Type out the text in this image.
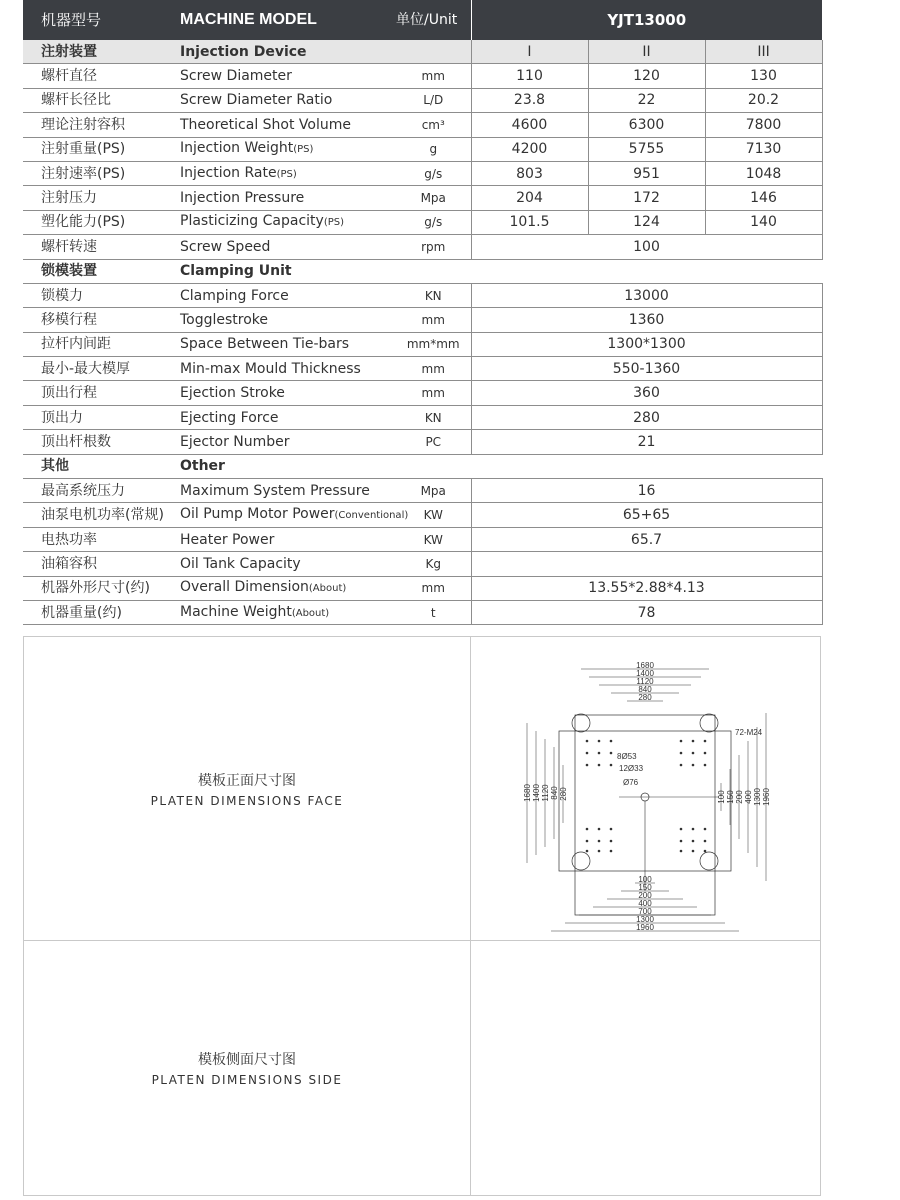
机器型号	MACHINE MODEL	单位/Unit	YJT13000		
注射装置	Injection Device		I	II	III
螺杆直径	Screw Diameter	mm	110	120	130
螺杆长径比	Screw Diameter Ratio	L/D	23.8	22	20.2
理论注射容积	Theoretical Shot Volume	cm³	4600	6300	7800
注射重量(PS)	Injection Weight(PS)	g	4200	5755	7130
注射速率(PS)	Injection Rate(PS)	g/s	803	951	1048
注射压力	Injection Pressure	Mpa	204	172	146
塑化能力(PS)	Plasticizing Capacity(PS)	g/s	101.5	124	140
螺杆转速	Screw Speed	rpm	100		
锁模装置	Clamping Unit				
锁模力	Clamping Force	KN	13000		
移模行程	Togglestroke	mm	1360		
拉杆内间距	Space Between Tie-bars	mm*mm	1300*1300		
最小-最大模厚	Min-max Mould Thickness	mm	550-1360		
顶出行程	Ejection Stroke	mm	360		
顶出力	Ejecting Force	KN	280		
顶出杆根数	Ejector Number	PC	21		
其他	Other				
最高系统压力	Maximum System Pressure	Mpa	16		
油泵电机功率(常规)	Oil Pump Motor Power(Conventional)	KW	65+65		
电热功率	Heater Power	KW	65.7		
油箱容积	Oil Tank Capacity	Kg			
机器外形尺寸(约)	Overall Dimension(About)	mm	13.55*2.88*4.13		
机器重量(约)	Machine Weight(About)	t	78		
模板正面尺寸图
PLATEN DIMENSIONS FACE
1680
1400
1120
840
280
1680 1400 1120 840 280	100 150 200 400 1300 1960
100
150
200
400
700
1300
1960
72-M24
8Ø53
12Ø33
Ø76
模板侧面尺寸图
PLATEN DIMENSIONS SIDE
